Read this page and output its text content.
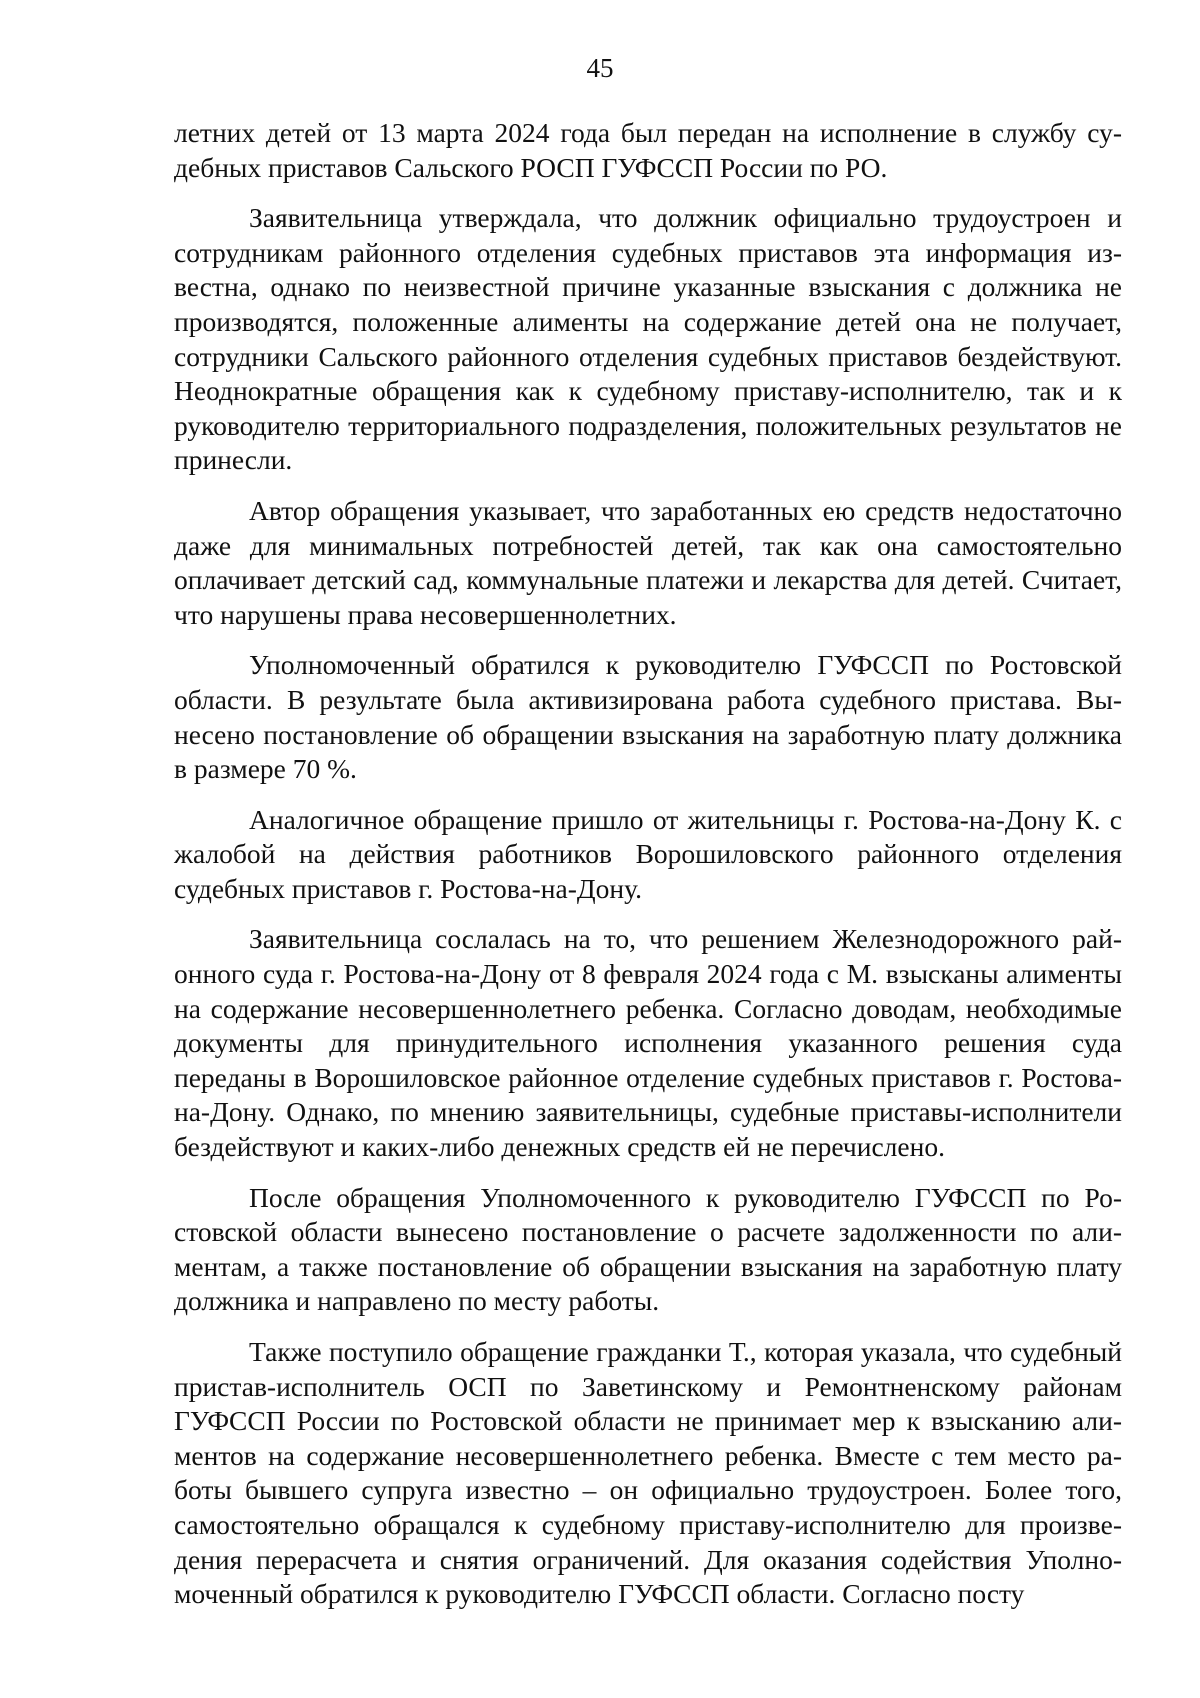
45

летних детей от 13 марта 2024 года был передан на исполнение в службу судебных приставов Сальского РОСП ГУФССП России по РО.

Заявительница утверждала, что должник официально трудоустроен и сотрудникам районного отделения судебных приставов эта информация известна, однако по неизвестной причине указанные взыскания с должника не производятся, положенные алименты на содержание детей она не получает, сотрудники Сальского районного отделения судебных приставов бездействуют. Неоднократные обращения как к судебному приставу-исполнителю, так и к руководителю территориального подразделения, положительных результатов не принесли.

Автор обращения указывает, что заработанных ею средств недостаточно даже для минимальных потребностей детей, так как она самостоятельно оплачивает детский сад, коммунальные платежи и лекарства для детей. Считает, что нарушены права несовершеннолетних.

Уполномоченный обратился к руководителю ГУФССП по Ростовской области. В результате была активизирована работа судебного пристава. Вынесено постановление об обращении взыскания на заработную плату должника в размере 70 %.

Аналогичное обращение пришло от жительницы г. Ростова-на-Дону К. с жалобой на действия работников Ворошиловского районного отделения судебных приставов г. Ростова-на-Дону.

Заявительница сослалась на то, что решением Железнодорожного районного суда г. Ростова-на-Дону от 8 февраля 2024 года с М. взысканы алименты на содержание несовершеннолетнего ребенка. Согласно доводам, необходимые документы для принудительного исполнения указанного решения суда переданы в Ворошиловское районное отделение судебных приставов г. Ростова-на-Дону. Однако, по мнению заявительницы, судебные приставы-исполнители бездействуют и каких-либо денежных средств ей не перечислено.

После обращения Уполномоченного к руководителю ГУФССП по Ростовской области вынесено постановление о расчете задолженности по алиментам, а также постановление об обращении взыскания на заработную плату должника и направлено по месту работы.

Также поступило обращение гражданки Т., которая указала, что судебный пристав-исполнитель ОСП по Заветинскому и Ремонтненскому районам ГУФССП России по Ростовской области не принимает мер к взысканию алиментов на содержание несовершеннолетнего ребенка. Вместе с тем место работы бывшего супруга известно – он официально трудоустроен. Более того, самостоятельно обращался к судебному приставу-исполнителю для произведения перерасчета и снятия ограничений. Для оказания содействия Уполномоченный обратился к руководителю ГУФССП области. Согласно посту
